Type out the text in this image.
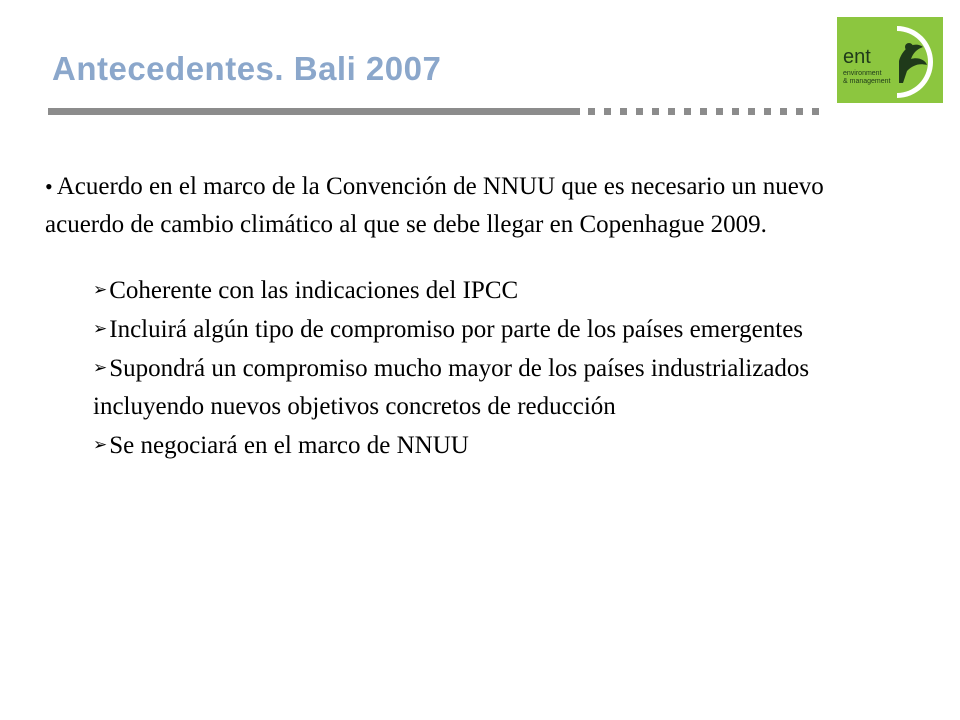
Antecedentes. Bali 2007	ent
environment
& management

• Acuerdo en el marco de la Convención de NNUU que es necesario un nuevo acuerdo de cambio climático al que se debe llegar en Copenhague 2009.

➢Coherente con las indicaciones del IPCC
➢Incluirá algún tipo de compromiso por parte de los países emergentes
➢Supondrá un compromiso mucho mayor de los países industrializados incluyendo nuevos objetivos concretos de reducción
➢Se negociará en el marco de NNUU
